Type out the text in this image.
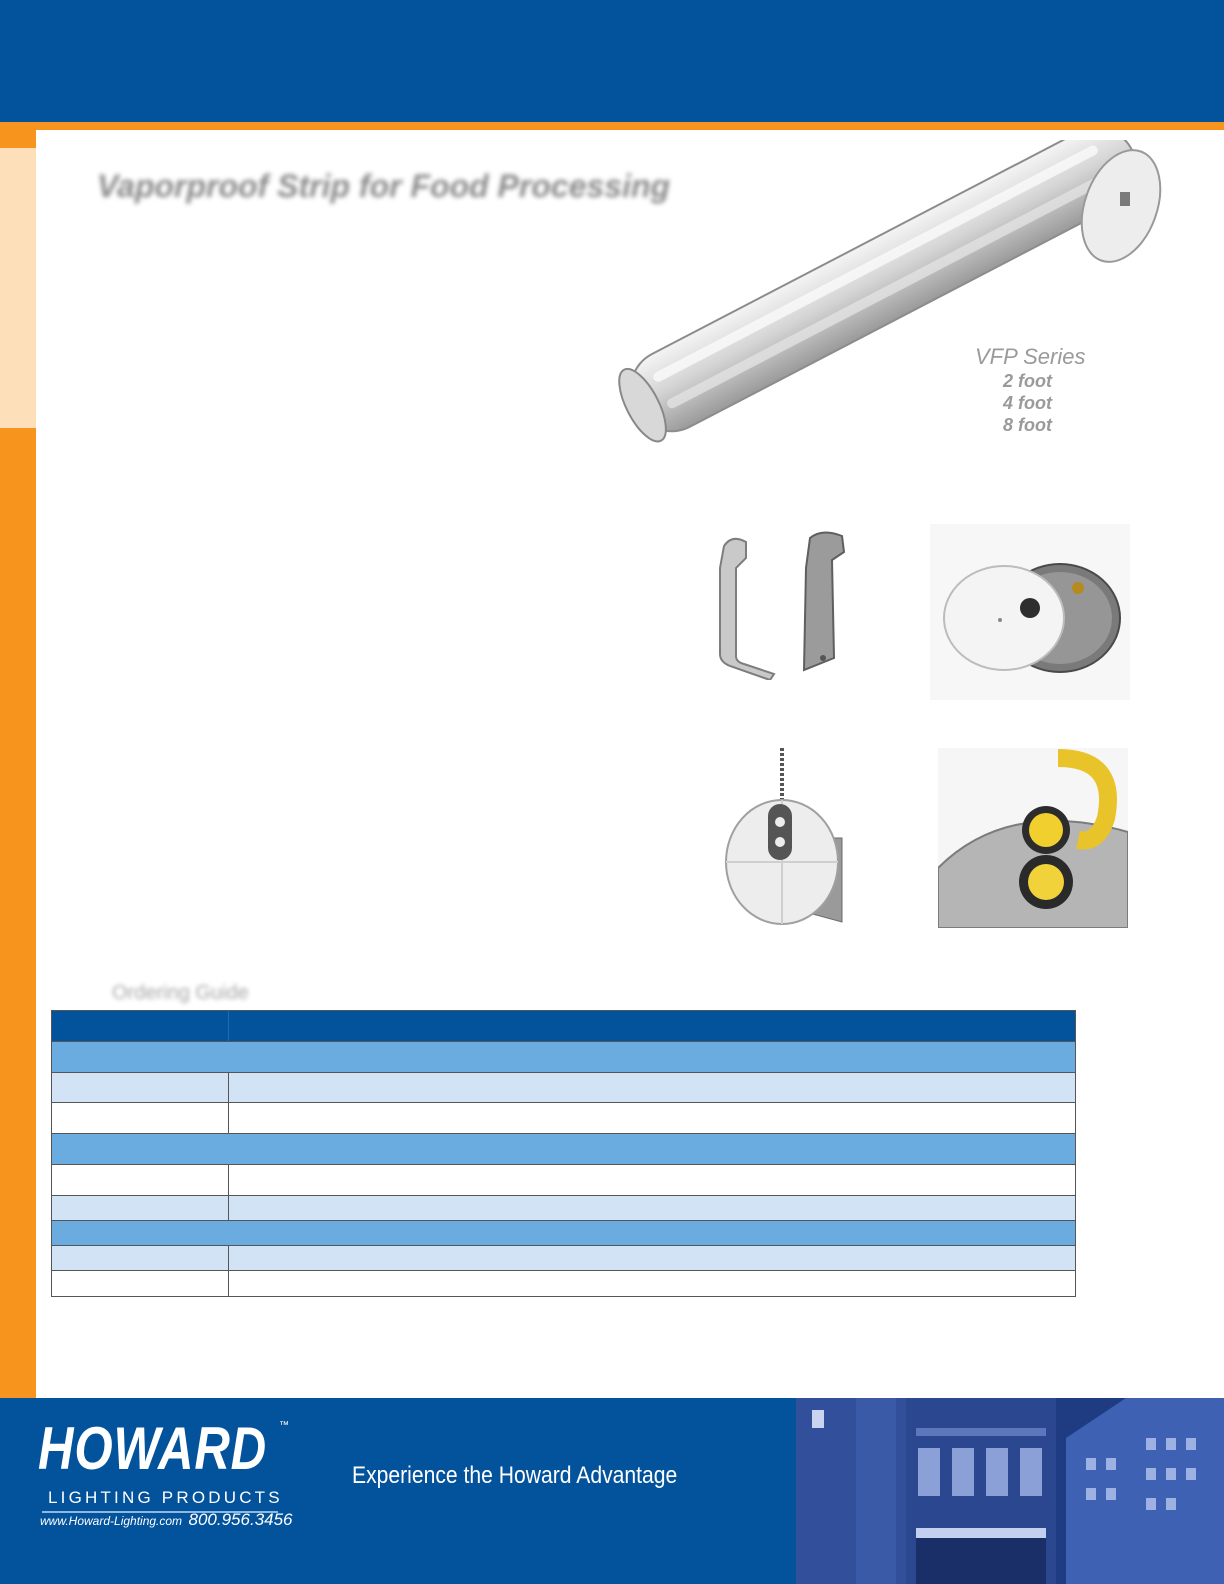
Vaporproof Strip for Food Processing
VFP Series
2 foot
4 foot
8 foot
Ordering Guide
HOWARD ™
LIGHTING PRODUCTS
www.Howard-Lighting.com 800.956.3456
Experience the Howard Advantage
